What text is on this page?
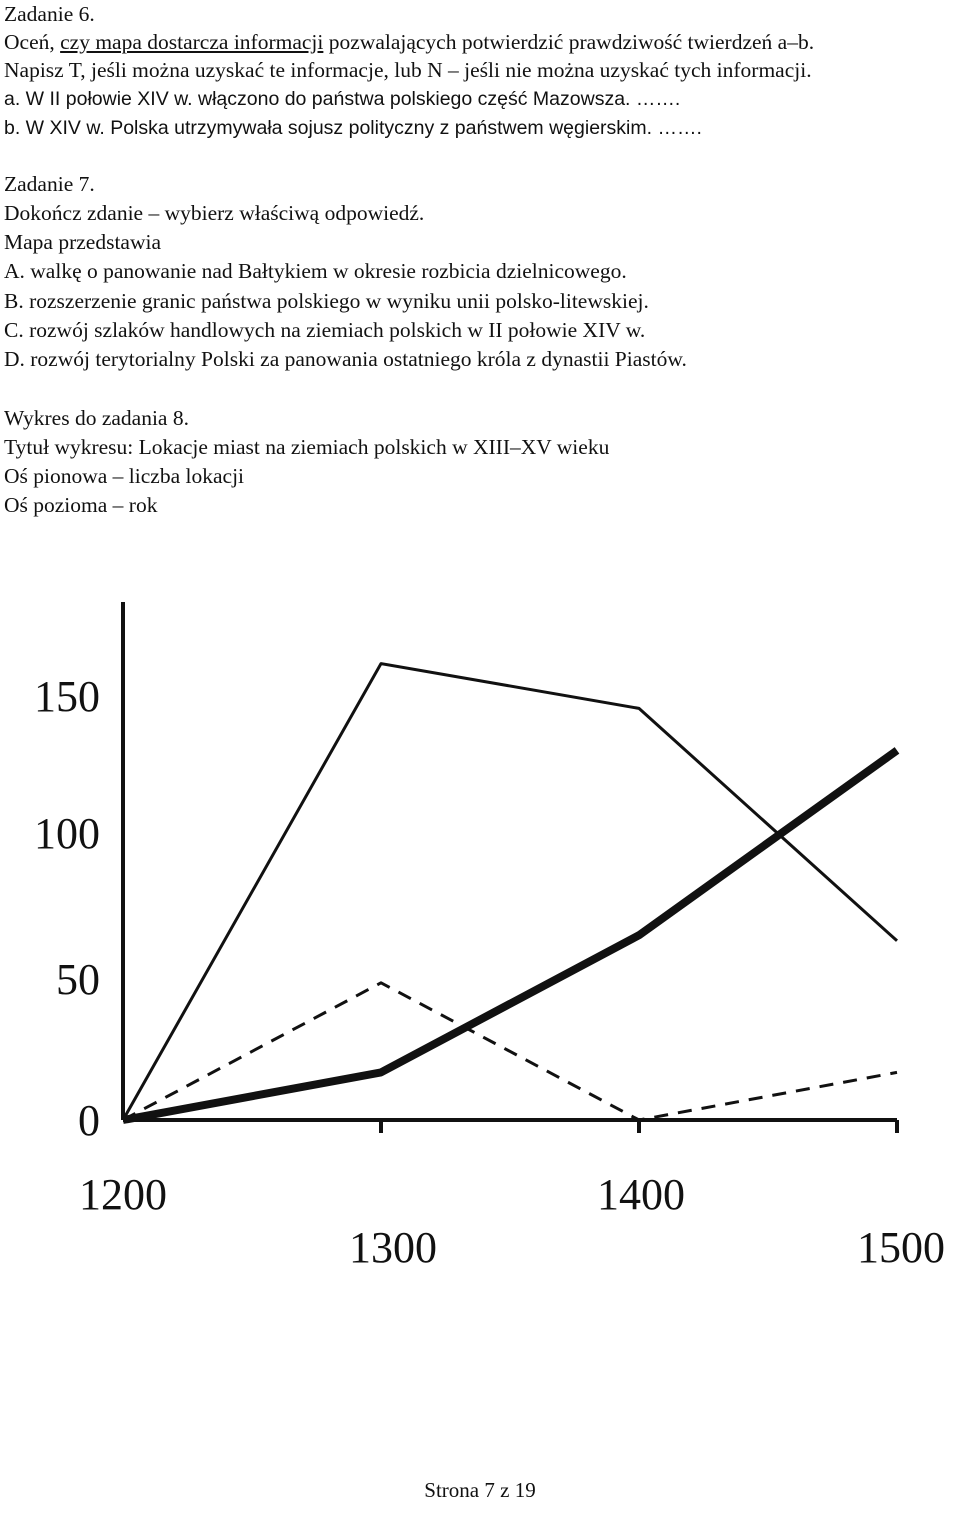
Zadanie 6.
Oceń, czy mapa dostarcza informacji pozwalających potwierdzić prawdziwość twierdzeń a–b.
Napisz T, jeśli można uzyskać te informacje, lub N – jeśli nie można uzyskać tych informacji.
a. W II połowie XIV w. włączono do państwa polskiego część Mazowsza. …….
b. W XIV w. Polska utrzymywała sojusz polityczny z państwem węgierskim. …….
Zadanie 7.
Dokończ zdanie – wybierz właściwą odpowiedź.
Mapa przedstawia
A. walkę o panowanie nad Bałtykiem w okresie rozbicia dzielnicowego.
B. rozszerzenie granic państwa polskiego w wyniku unii polsko-litewskiej.
C. rozwój szlaków handlowych na ziemiach polskich w II połowie XIV w.
D. rozwój terytorialny Polski za panowania ostatniego króla z dynastii Piastów.
Wykres do zadania 8.
Tytuł wykresu: Lokacje miast na ziemiach polskich w XIII–XV wieku
Oś pionowa – liczba lokacji
Oś pozioma – rok
0
50
100
150
1200
1300
1400
1500
Strona 7 z 19
